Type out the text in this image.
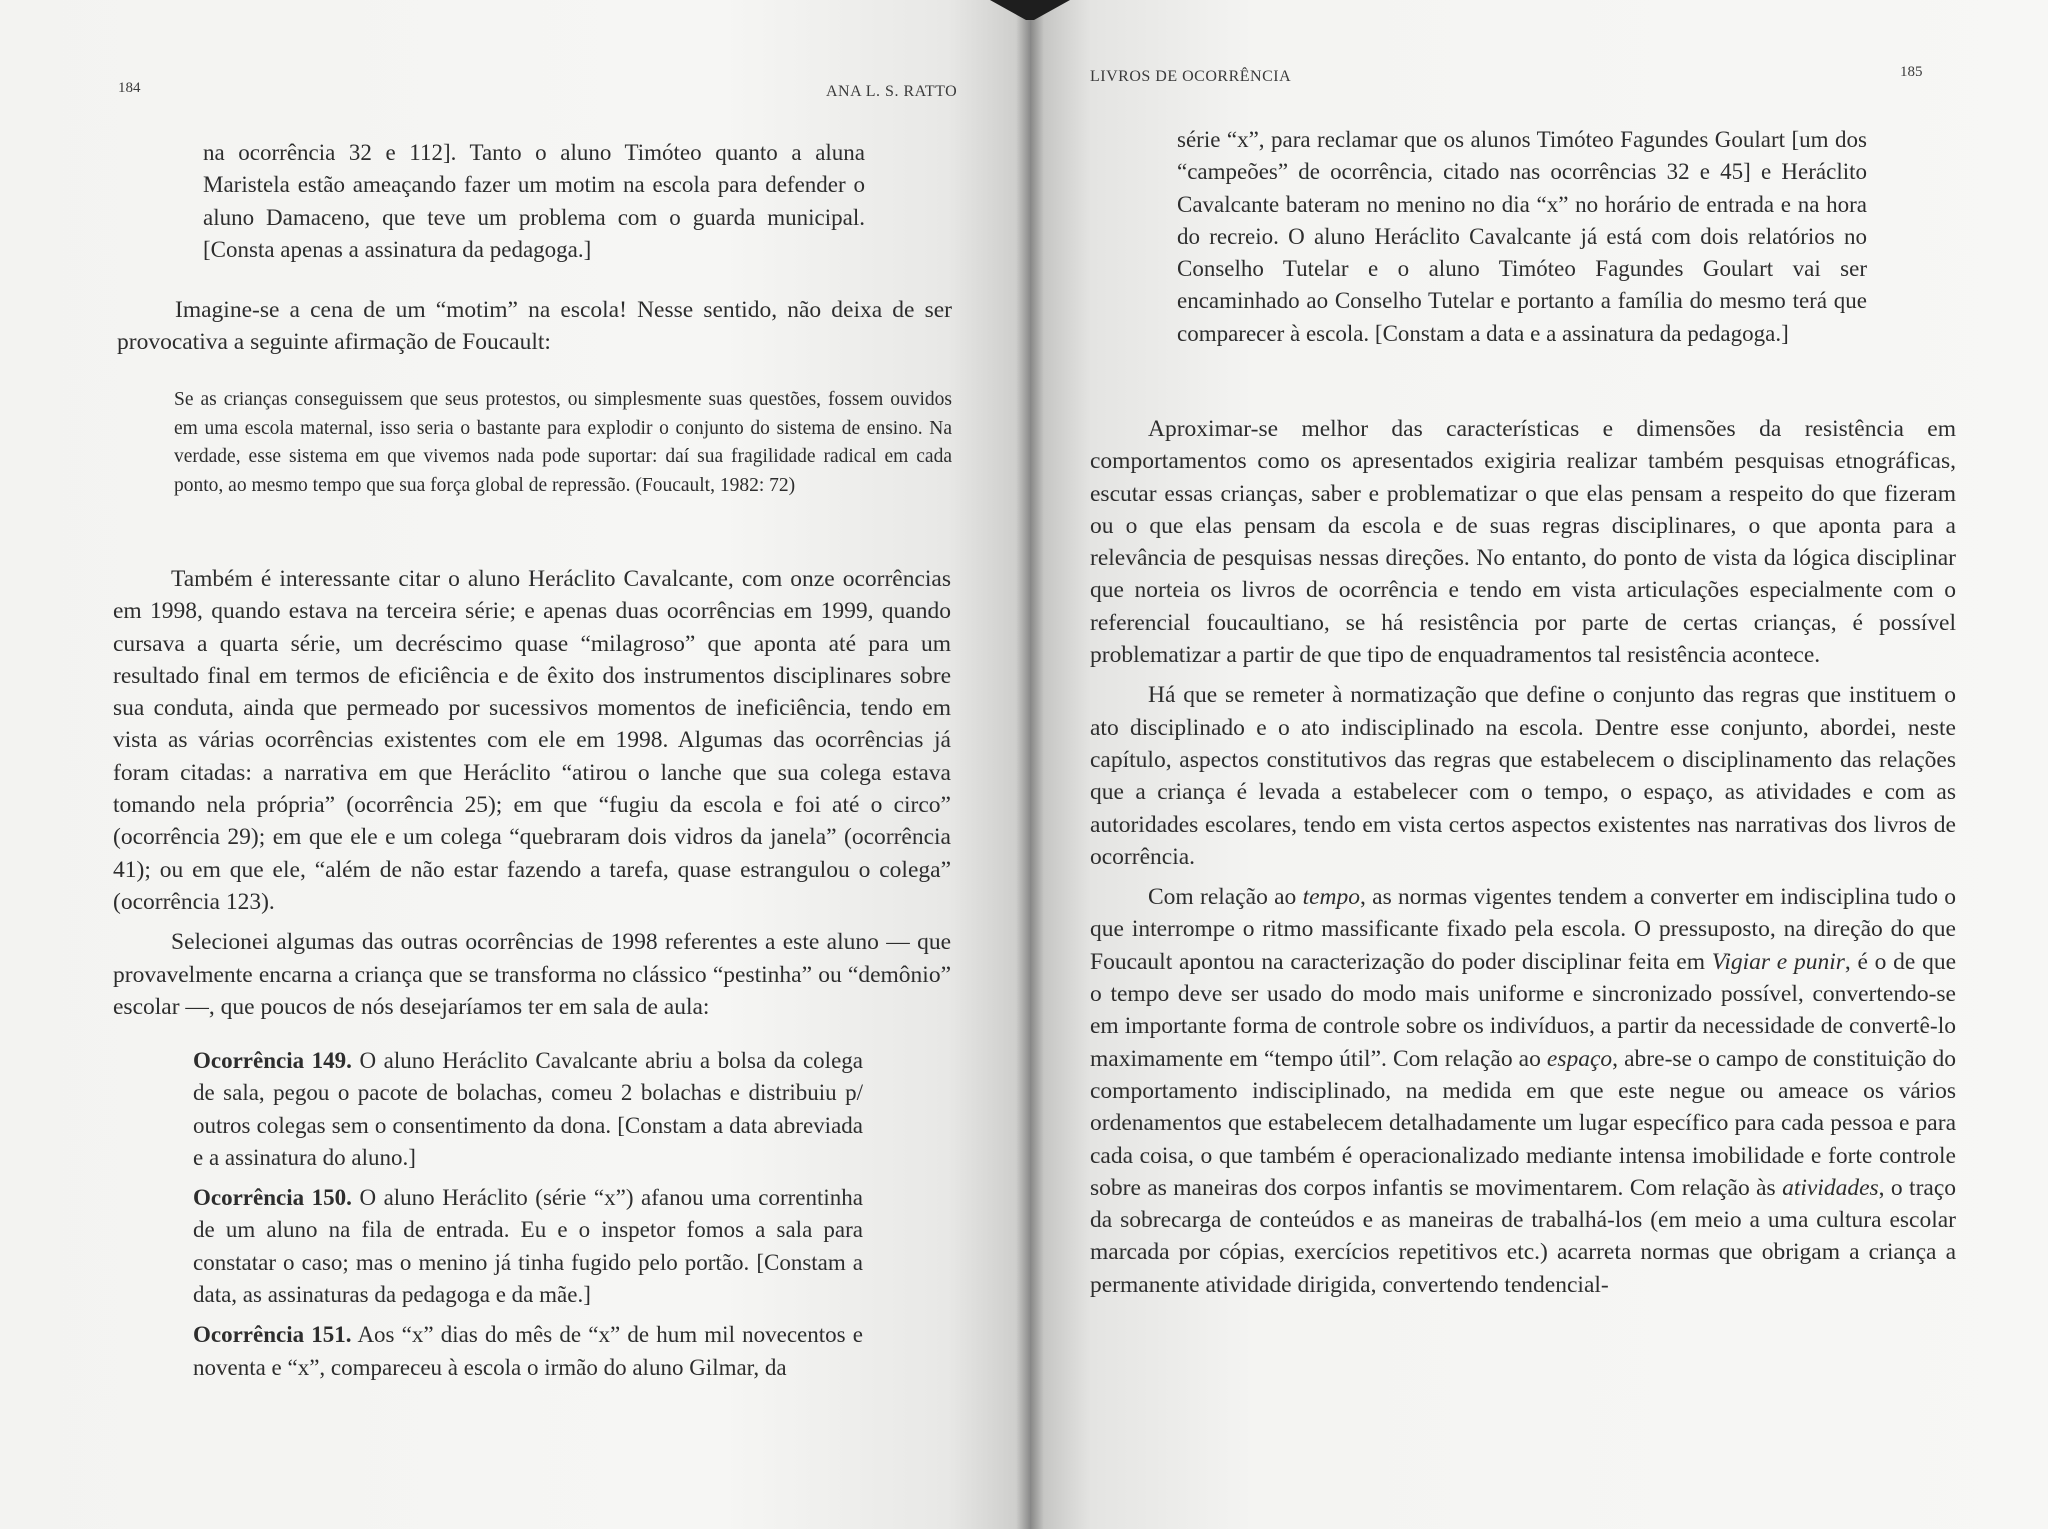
184	ANA L. S. RATTO

na ocorrência 32 e 112]. Tanto o aluno Timóteo quanto a aluna Maristela estão ameaçando fazer um motim na escola para defender o aluno Damaceno, que teve um problema com o guarda municipal. [Consta apenas a assinatura da pedagoga.]

Imagine-se a cena de um “motim” na escola! Nesse sentido, não deixa de ser provocativa a seguinte afirmação de Foucault:

Se as crianças conseguissem que seus protestos, ou simplesmente suas questões, fossem ouvidos em uma escola maternal, isso seria o bastante para explodir o conjunto do sistema de ensino. Na verdade, esse sistema em que vivemos nada pode suportar: daí sua fragilidade radical em cada ponto, ao mesmo tempo que sua força global de repressão. (Foucault, 1982: 72)

Também é interessante citar o aluno Heráclito Cavalcante, com onze ocorrências em 1998, quando estava na terceira série; e apenas duas ocorrências em 1999, quando cursava a quarta série, um decréscimo quase “milagroso” que aponta até para um resultado final em termos de eficiência e de êxito dos instrumentos disciplinares sobre sua conduta, ainda que permeado por sucessivos momentos de ineficiência, tendo em vista as várias ocorrências existentes com ele em 1998. Algumas das ocorrências já foram citadas: a narrativa em que Heráclito “atirou o lanche que sua colega estava tomando nela própria” (ocorrência 25); em que “fugiu da escola e foi até o circo” (ocorrência 29); em que ele e um colega “quebraram dois vidros da janela” (ocorrência 41); ou em que ele, “além de não estar fazendo a tarefa, quase estrangulou o colega” (ocorrência 123).

Selecionei algumas das outras ocorrências de 1998 referentes a este aluno — que provavelmente encarna a criança que se transforma no clássico “pestinha” ou “demônio” escolar —, que poucos de nós desejaríamos ter em sala de aula:

Ocorrência 149. O aluno Heráclito Cavalcante abriu a bolsa da colega de sala, pegou o pacote de bolachas, comeu 2 bolachas e distribuiu p/ outros colegas sem o consentimento da dona. [Constam a data abreviada e a assinatura do aluno.]

Ocorrência 150. O aluno Heráclito (série “x”) afanou uma correntinha de um aluno na fila de entrada. Eu e o inspetor fomos a sala para constatar o caso; mas o menino já tinha fugido pelo portão. [Constam a data, as assinaturas da pedagoga e da mãe.]

Ocorrência 151. Aos “x” dias do mês de “x” de hum mil novecentos e noventa e “x”, compareceu à escola o irmão do aluno Gilmar, da

LIVROS DE OCORRÊNCIA	185

série “x”, para reclamar que os alunos Timóteo Fagundes Goulart [um dos “campeões” de ocorrência, citado nas ocorrências 32 e 45] e Heráclito Cavalcante bateram no menino no dia “x” no horário de entrada e na hora do recreio. O aluno Heráclito Cavalcante já está com dois relatórios no Conselho Tutelar e o aluno Timóteo Fagundes Goulart vai ser encaminhado ao Conselho Tutelar e portanto a família do mesmo terá que comparecer à escola. [Constam a data e a assinatura da pedagoga.]

Aproximar-se melhor das características e dimensões da resistência em comportamentos como os apresentados exigiria realizar também pesquisas etnográficas, escutar essas crianças, saber e problematizar o que elas pensam a respeito do que fizeram ou o que elas pensam da escola e de suas regras disciplinares, o que aponta para a relevância de pesquisas nessas direções. No entanto, do ponto de vista da lógica disciplinar que norteia os livros de ocorrência e tendo em vista articulações especialmente com o referencial foucaultiano, se há resistência por parte de certas crianças, é possível problematizar a partir de que tipo de enquadramentos tal resistência acontece.

Há que se remeter à normatização que define o conjunto das regras que instituem o ato disciplinado e o ato indisciplinado na escola. Dentre esse conjunto, abordei, neste capítulo, aspectos constitutivos das regras que estabelecem o disciplinamento das relações que a criança é levada a estabelecer com o tempo, o espaço, as atividades e com as autoridades escolares, tendo em vista certos aspectos existentes nas narrativas dos livros de ocorrência.

Com relação ao tempo, as normas vigentes tendem a converter em indisciplina tudo o que interrompe o ritmo massificante fixado pela escola. O pressuposto, na direção do que Foucault apontou na caracterização do poder disciplinar feita em Vigiar e punir, é o de que o tempo deve ser usado do modo mais uniforme e sincronizado possível, convertendo-se em importante forma de controle sobre os indivíduos, a partir da necessidade de convertê-lo maximamente em “tempo útil”. Com relação ao espaço, abre-se o campo de constituição do comportamento indisciplinado, na medida em que este negue ou ameace os vários ordenamentos que estabelecem detalhadamente um lugar específico para cada pessoa e para cada coisa, o que também é operacionalizado mediante intensa imobilidade e forte controle sobre as maneiras dos corpos infantis se movimentarem. Com relação às atividades, o traço da sobrecarga de conteúdos e as maneiras de trabalhá-los (em meio a uma cultura escolar marcada por cópias, exercícios repetitivos etc.) acarreta normas que obrigam a criança a permanente atividade dirigida, convertendo tendencial-
